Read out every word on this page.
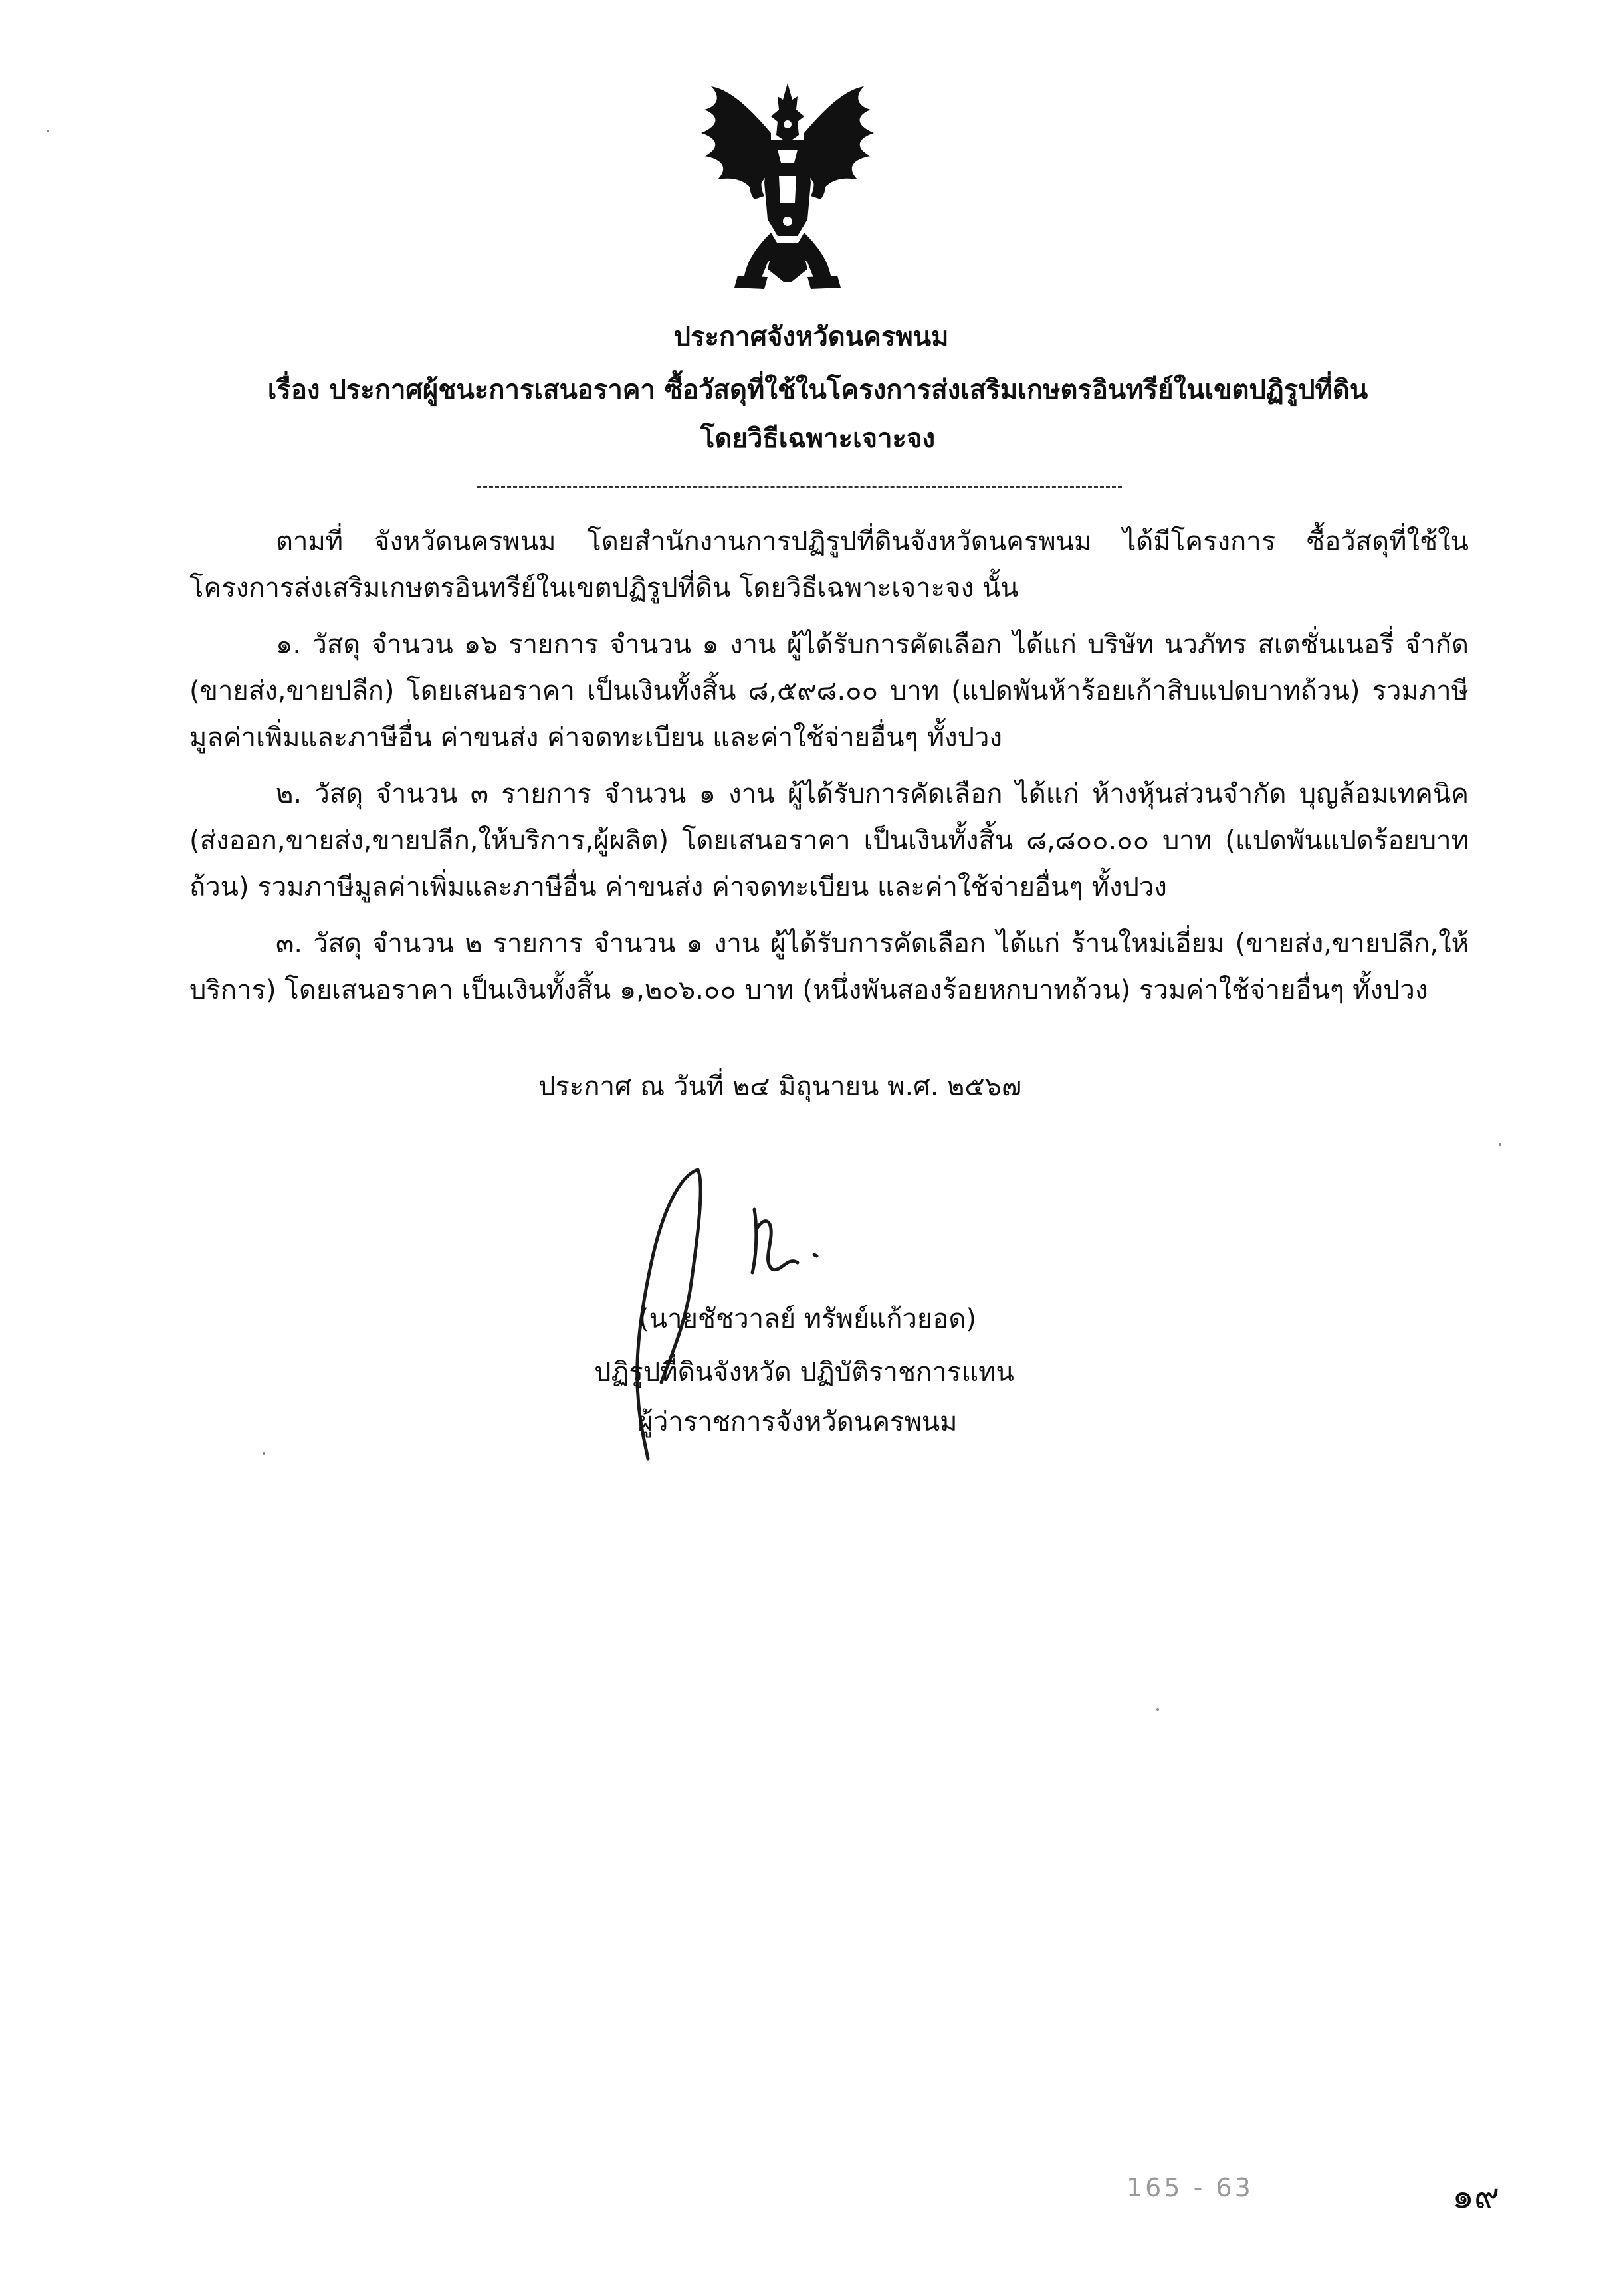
ประกาศจังหวัดนครพนม
เรื่อง ประกาศผู้ชนะการเสนอราคา ซื้อวัสดุที่ใช้ในโครงการส่งเสริมเกษตรอินทรีย์ในเขตปฏิรูปที่ดิน
โดยวิธีเฉพาะเจาะจง
ตามที่ จังหวัดนครพนม โดยสำนักงานการปฏิรูปที่ดินจังหวัดนครพนม ได้มีโครงการ ซื้อวัสดุที่ใช้ในโครงการส่งเสริมเกษตรอินทรีย์ในเขตปฏิรูปที่ดิน โดยวิธีเฉพาะเจาะจง นั้น
๑. วัสดุ จำนวน ๑๖ รายการ จำนวน ๑ งาน ผู้ได้รับการคัดเลือก ได้แก่ บริษัท นวภัทร สเตชั่นเนอรี่ จำกัด (ขายส่ง,ขายปลีก) โดยเสนอราคา เป็นเงินทั้งสิ้น ๘,๕๙๘.๐๐ บาท (แปดพันห้าร้อยเก้าสิบแปดบาทถ้วน) รวมภาษีมูลค่าเพิ่มและภาษีอื่น ค่าขนส่ง ค่าจดทะเบียน และค่าใช้จ่ายอื่นๆ ทั้งปวง
๒. วัสดุ จำนวน ๓ รายการ จำนวน ๑ งาน ผู้ได้รับการคัดเลือก ได้แก่ ห้างหุ้นส่วนจำกัด บุญล้อมเทคนิค (ส่งออก,ขายส่ง,ขายปลีก,ให้บริการ,ผู้ผลิต) โดยเสนอราคา เป็นเงินทั้งสิ้น ๘,๘๐๐.๐๐ บาท (แปดพันแปดร้อยบาทถ้วน) รวมภาษีมูลค่าเพิ่มและภาษีอื่น ค่าขนส่ง ค่าจดทะเบียน และค่าใช้จ่ายอื่นๆ ทั้งปวง
๓. วัสดุ จำนวน ๒ รายการ จำนวน ๑ งาน ผู้ได้รับการคัดเลือก ได้แก่ ร้านใหม่เอี่ยม (ขายส่ง,ขายปลีก,ให้บริการ) โดยเสนอราคา เป็นเงินทั้งสิ้น ๑,๒๐๖.๐๐ บาท (หนึ่งพันสองร้อยหกบาทถ้วน) รวมค่าใช้จ่ายอื่นๆ ทั้งปวง
ประกาศ ณ วันที่ ๒๔ มิถุนายน พ.ศ. ๒๕๖๗
(นายชัชวาลย์ ทรัพย์แก้วยอด)
ปฏิรูปที่ดินจังหวัด ปฏิบัติราชการแทน
ผู้ว่าราชการจังหวัดนครพนม
165 - 63	๑๙
